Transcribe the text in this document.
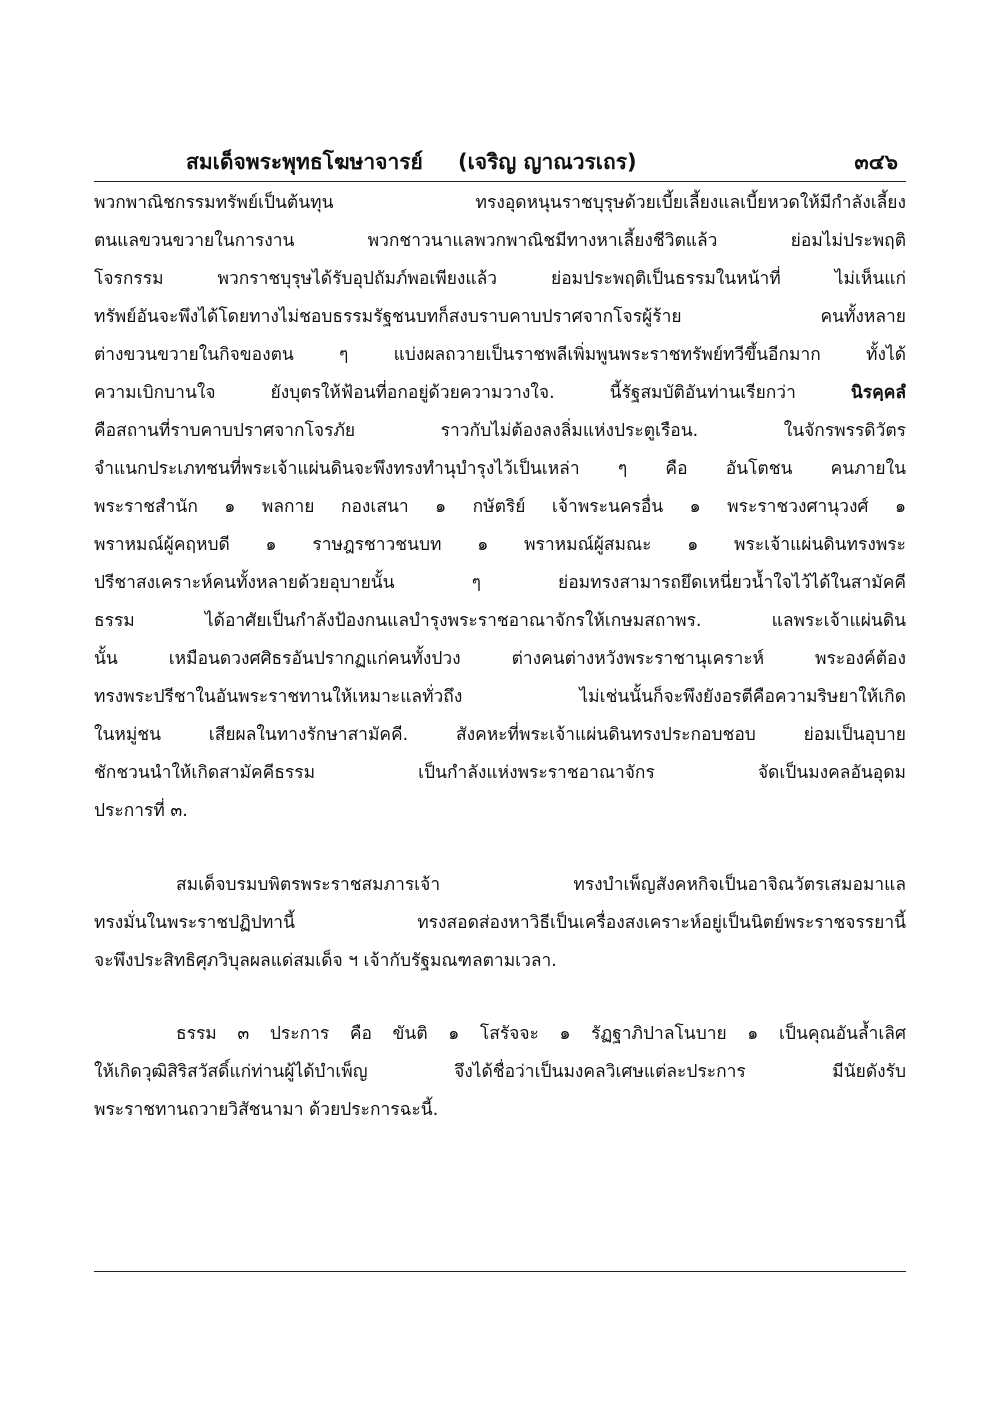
สมเด็จพระพุทธโฆษาจารย์ (เจริญ ญาณวรเถร)	๓๔๖
พวกพาณิชกรรมทรัพย์เป็นต้นทุน ทรงอุดหนุนราชบุรุษด้วยเบี้ยเลี้ยงแลเบี้ยหวดให้มีกำลังเลี้ยง
ตนแลขวนขวายในการงาน พวกชาวนาแลพวกพาณิชมีทางหาเลี้ยงชีวิตแล้ว ย่อมไม่ประพฤติ
โจรกรรม พวกราชบุรุษได้รับอุปถัมภ์พอเพียงแล้ว ย่อมประพฤติเป็นธรรมในหน้าที่ ไม่เห็นแก่
ทรัพย์อันจะพึงได้โดยทางไม่ชอบธรรมรัฐชนบทก็สงบราบคาบปราศจากโจรผู้ร้าย คนทั้งหลาย
ต่างขวนขวายในกิจของตน ๆ แบ่งผลถวายเป็นราชพลีเพิ่มพูนพระราชทรัพย์ทวีขึ้นอีกมาก ทั้งได้
ความเบิกบานใจ ยังบุตรให้ฟ้อนที่อกอยู่ด้วยความวางใจ. นี้รัฐสมบัติอันท่านเรียกว่า	นิรคฺคลํ
คือสถานที่ราบคาบปราศจากโจรภัย ราวกับไม่ต้องลงลิ่มแห่งประตูเรือน. ในจักรพรรดิวัตร
จำแนกประเภทชนที่พระเจ้าแผ่นดินจะพึงทรงทำนุบำรุงไว้เป็นเหล่า ๆ คือ อันโตชน คนภายใน
พระราชสำนัก ๑ พลกาย กองเสนา ๑ กษัตริย์ เจ้าพระนครอื่น ๑ พระราชวงศานุวงศ์ ๑
พราหมณ์ผู้คฤหบดี ๑ ราษฎรชาวชนบท ๑ พราหมณ์ผู้สมณะ ๑ พระเจ้าแผ่นดินทรงพระ
ปรีชาสงเคราะห์คนทั้งหลายด้วยอุบายนั้น ๆ ย่อมทรงสามารถยึดเหนี่ยวน้ำใจไว้ได้ในสามัคคี
ธรรม ได้อาศัยเป็นกำลังป้องกนแลบำรุงพระราชอาณาจักรให้เกษมสถาพร. แลพระเจ้าแผ่นดิน
นั้น เหมือนดวงศศิธรอันปรากฏแก่คนทั้งปวง ต่างคนต่างหวังพระราชานุเคราะห์ พระองค์ต้อง
ทรงพระปรีชาในอันพระราชทานให้เหมาะแลทั่วถึง ไม่เช่นนั้นก็จะพึงยังอรตีคือความริษยาให้เกิด
ในหมู่ชน เสียผลในทางรักษาสามัคคี. สังคหะที่พระเจ้าแผ่นดินทรงประกอบชอบ ย่อมเป็นอุบาย
ชักชวนนำให้เกิดสามัคคีธรรม เป็นกำลังแห่งพระราชอาณาจักร จัดเป็นมงคลอันอุดม
ประการที่ ๓.
สมเด็จบรมบพิตรพระราชสมภารเจ้า ทรงบำเพ็ญสังคหกิจเป็นอาจิณวัตรเสมอมาแล
ทรงมั่นในพระราชปฏิปทานี้ ทรงสอดส่องหาวิธีเป็นเครื่องสงเคราะห์อยู่เป็นนิตย์พระราชจรรยานี้
จะพึงประสิทธิศุภวิบุลผลแด่สมเด็จ ฯ เจ้ากับรัฐมณฑลตามเวลา.
ธรรม ๓ ประการ คือ ขันติ ๑ โสรัจจะ ๑ รัฏฐาภิปาลโนบาย ๑ เป็นคุณอันล้ำเลิศ
ให้เกิดวุฒิสิริสวัสดิ์แก่ท่านผู้ได้บำเพ็ญ จึงได้ชื่อว่าเป็นมงคลวิเศษแต่ละประการ มีนัยดังรับ
พระราชทานถวายวิสัชนามา ด้วยประการฉะนี้.
